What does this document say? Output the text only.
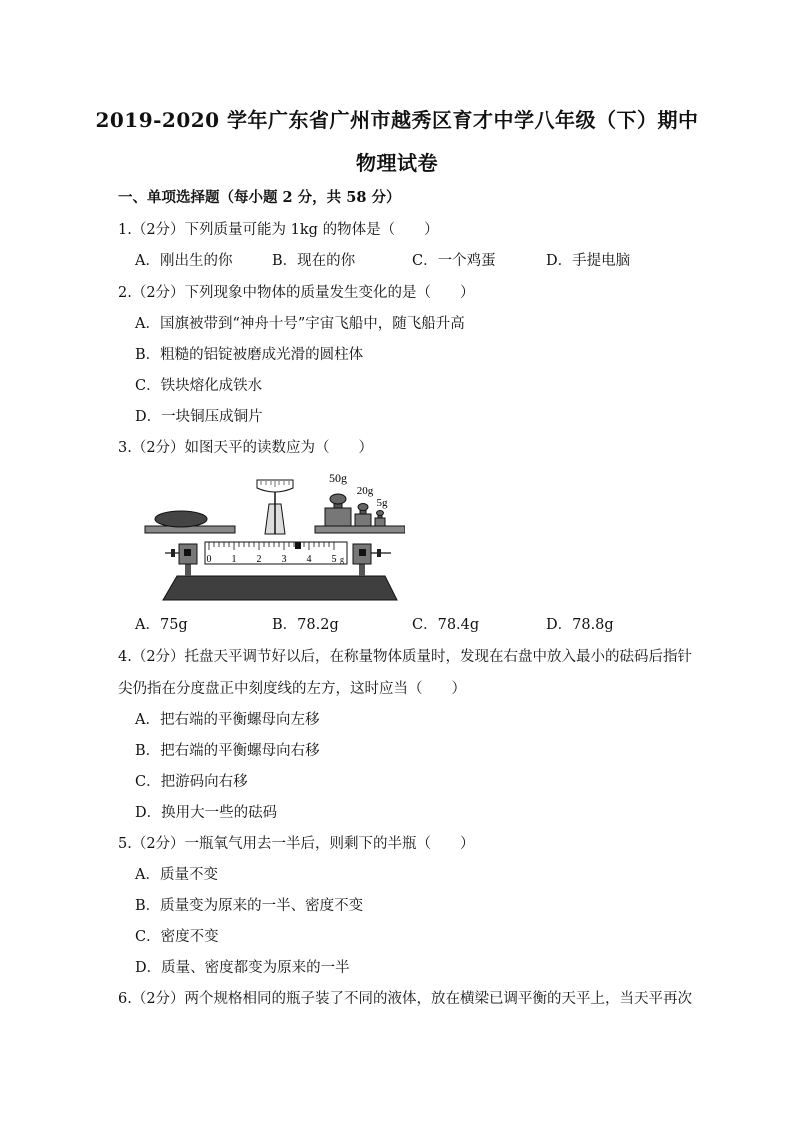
2019-2020 学年广东省广州市越秀区育才中学八年级（下）期中
物理试卷
一、单项选择题（每小题 2 分，共 58 分）
1.（2分）下列质量可能为 1kg 的物体是（　　）
A．刚出生的你	B．现在的你	C．一个鸡蛋	D．手提电脑
2.（2分）下列现象中物体的质量发生变化的是（　　）
A．国旗被带到“神舟十号”宇宙飞船中，随飞船升高
B．粗糙的铝锭被磨成光滑的圆柱体
C．铁块熔化成铁水
D．一块铜压成铜片
3.（2分）如图天平的读数应为（　　）
0 1 2 3 4 5 g
50g
20g
5g
A．75g	B．78.2g	C．78.4g	D．78.8g
4.（2分）托盘天平调节好以后，在称量物体质量时，发现在右盘中放入最小的砝码后指针
尖仍指在分度盘正中刻度线的左方，这时应当（　　）
A．把右端的平衡螺母向左移
B．把右端的平衡螺母向右移
C．把游码向右移
D．换用大一些的砝码
5.（2分）一瓶氧气用去一半后，则剩下的半瓶（　　）
A．质量不变
B．质量变为原来的一半、密度不变
C．密度不变
D．质量、密度都变为原来的一半
6.（2分）两个规格相同的瓶子装了不同的液体，放在横梁已调平衡的天平上，当天平再次
